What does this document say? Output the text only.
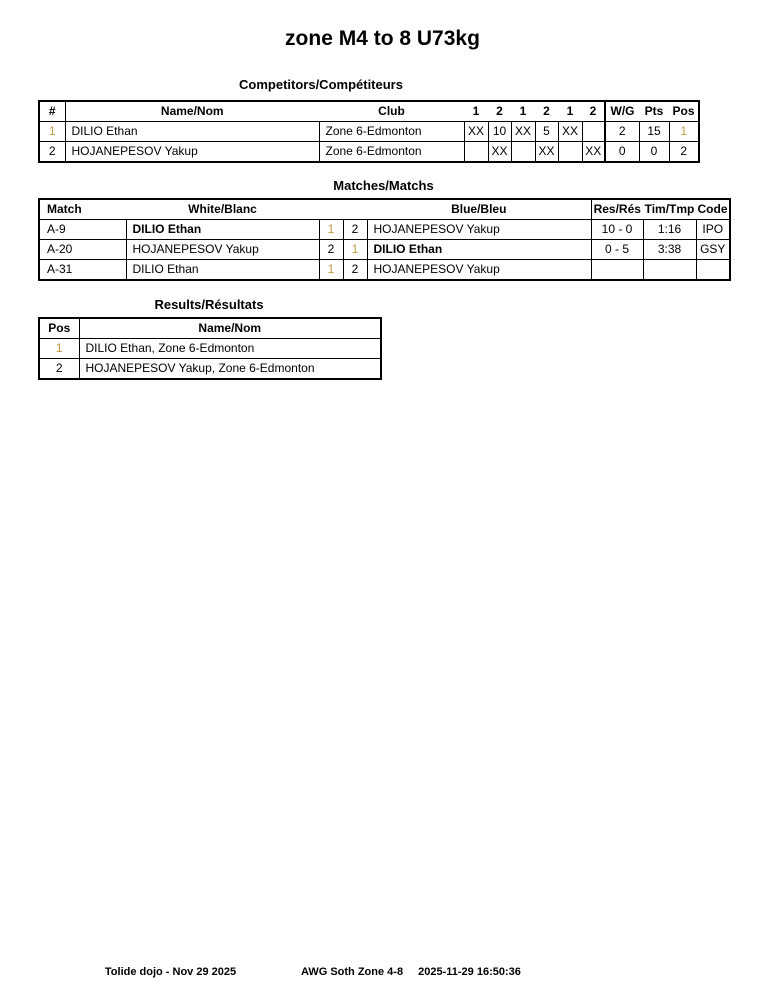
zone M4 to 8 U73kg
Competitors/Compétiteurs
#	Name/Nom	Club	1	2	1	2	1	2	W/G	Pts	Pos
1	DILIO Ethan	Zone 6-Edmonton	XX	10	XX	5	XX		2	15	1
2	HOJANEPESOV Yakup	Zone 6-Edmonton		XX		XX		XX	0	0	2
Matches/Matchs
Match	White/Blanc			Blue/Bleu	Res/Rés	Tim/Tmp	Code
A-9	DILIO Ethan	1	2	HOJANEPESOV Yakup	10 - 0	1:16	IPO
A-20	HOJANEPESOV Yakup	2	1	DILIO Ethan	0 - 5	3:38	GSY
A-31	DILIO Ethan	1	2	HOJANEPESOV Yakup			
Results/Résultats
Pos	Name/Nom
1	DILIO Ethan, Zone 6-Edmonton
2	HOJANEPESOV Yakup, Zone 6-Edmonton
Tolide dojo - Nov 29 2025	AWG Soth Zone 4-8 2025-11-29 16:50:36
